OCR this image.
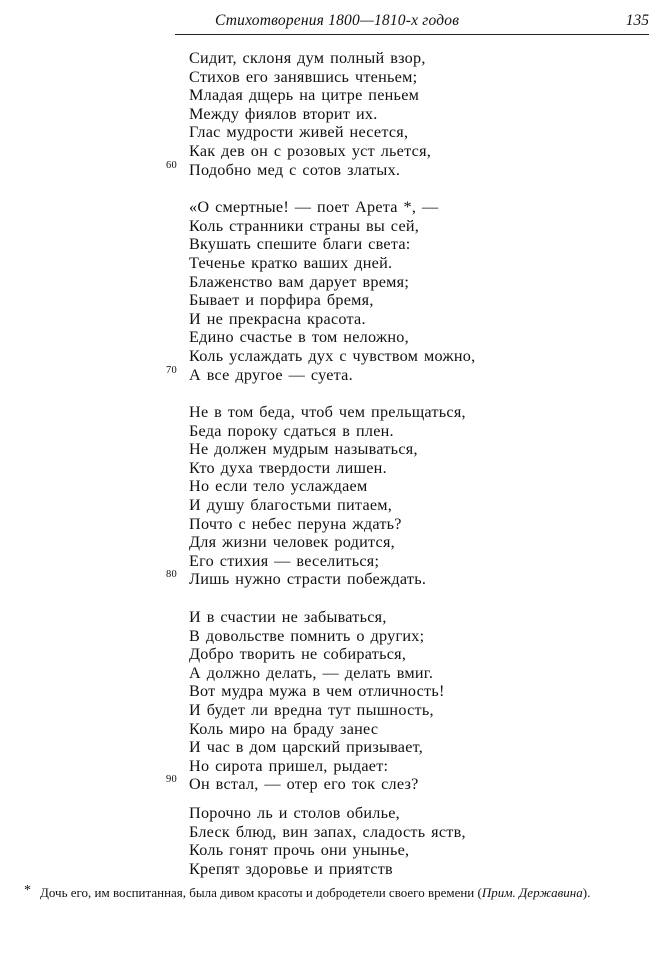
Стихотворения 1800—1810-х годов	135
Сидит, склоня дум полный взор,
Стихов его занявшись чтеньем;
Младая дщерь на цитре пеньем
Между фиялов вторит их.
Глас мудрости живей несется,
Как дев он с розовых уст льется,
Подобно мед с сотов златых.
60
«О смертные! — поет Арета *, —
Коль странники страны вы сей,
Вкушать спешите благи света:
Теченье кратко ваших дней.
Блаженство вам дарует время;
Бывает и порфира бремя,
И не прекрасна красота.
Едино счастье в том неложно,
Коль услаждать дух с чувством можно,
А все другое — суета.
70
Не в том беда, чтоб чем прельщаться,
Беда пороку сдаться в плен.
Не должен мудрым называться,
Кто духа твердости лишен.
Но если тело услаждаем
И душу благостьми питаем,
Почто с небес перуна ждать?
Для жизни человек родится,
Его стихия — веселиться;
Лишь нужно страсти побеждать.
80
И в счастии не забываться,
В довольстве помнить о других;
Добро творить не собираться,
А должно делать, — делать вмиг.
Вот мудра мужа в чем отличность!
И будет ли вредна тут пышность,
Коль миро на браду занес
И час в дом царский призывает,
Но сирота пришел, рыдает:
Он встал, — отер его ток слез?
90
Порочно ль и столов обилье,
Блеск блюд, вин запах, сладость яств,
Коль гонят прочь они унынье,
Крепят здоровье и приятств
* Дочь его, им воспитанная, была дивом красоты и добродетели своего времени (Прим. Державина).
